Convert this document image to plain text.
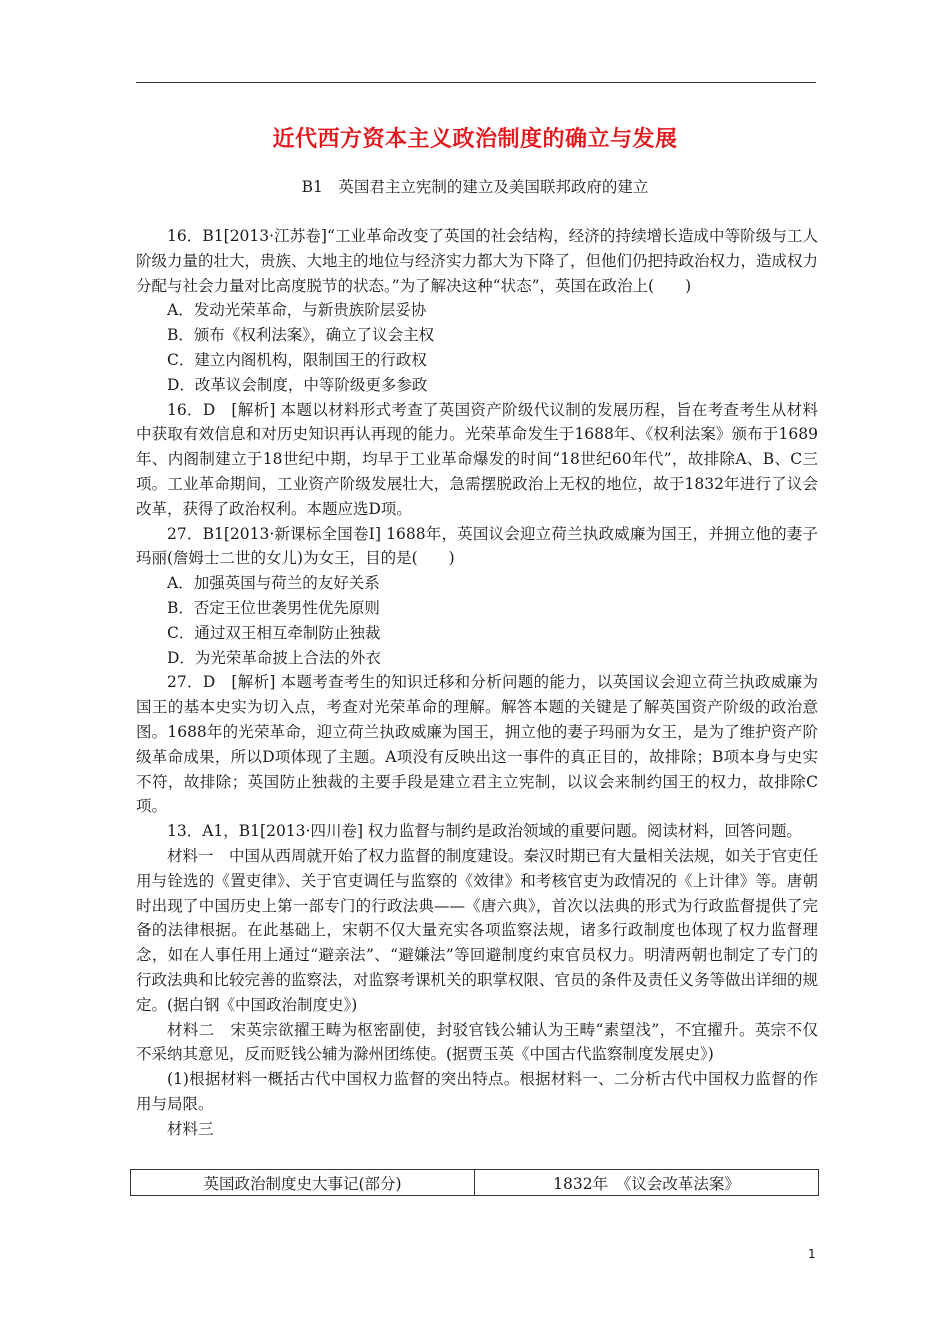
近代西方资本主义政治制度的确立与发展
B1　英国君主立宪制的建立及美国联邦政府的建立

16．B1[2013·江苏卷]“工业革命改变了英国的社会结构，经济的持续增长造成中等阶级与工人阶级力量的壮大，贵族、大地主的地位与经济实力都大为下降了，但他们仍把持政治权力，造成权力分配与社会力量对比高度脱节的状态。”为了解决这种“状态”，英国在政治上(　　)

A．发动光荣革命，与新贵族阶层妥协

B．颁布《权利法案》，确立了议会主权

C．建立内阁机构，限制国王的行政权

D．改革议会制度，中等阶级更多参政

16．D　[解析] 本题以材料形式考查了英国资产阶级代议制的发展历程，旨在考查考生从材料中获取有效信息和对历史知识再认再现的能力。光荣革命发生于1688年、《权利法案》颁布于1689年、内阁制建立于18世纪中期，均早于工业革命爆发的时间“18世纪60年代”，故排除A、B、C三项。工业革命期间，工业资产阶级发展壮大，急需摆脱政治上无权的地位，故于1832年进行了议会改革，获得了政治权利。本题应选D项。

27．B1[2013·新课标全国卷Ⅰ] 1688年，英国议会迎立荷兰执政威廉为国王，并拥立他的妻子玛丽(詹姆士二世的女儿)为女王，目的是(　　)

A．加强英国与荷兰的友好关系

B．否定王位世袭男性优先原则

C．通过双王相互牵制防止独裁

D．为光荣革命披上合法的外衣

27．D　[解析] 本题考查考生的知识迁移和分析问题的能力，以英国议会迎立荷兰执政威廉为国王的基本史实为切入点，考查对光荣革命的理解。解答本题的关键是了解英国资产阶级的政治意图。1688年的光荣革命，迎立荷兰执政威廉为国王，拥立他的妻子玛丽为女王，是为了维护资产阶级革命成果，所以D项体现了主题。A项没有反映出这一事件的真正目的，故排除；B项本身与史实不符，故排除；英国防止独裁的主要手段是建立君主立宪制，以议会来制约国王的权力，故排除C项。

13．A1，B1[2013·四川卷] 权力监督与制约是政治领域的重要问题。阅读材料，回答问题。

材料一　中国从西周就开始了权力监督的制度建设。秦汉时期已有大量相关法规，如关于官吏任用与铨选的《置吏律》、关于官吏调任与监察的《效律》和考核官吏为政情况的《上计律》等。唐朝时出现了中国历史上第一部专门的行政法典——《唐六典》，首次以法典的形式为行政监督提供了完备的法律根据。在此基础上，宋朝不仅大量充实各项监察法规，诸多行政制度也体现了权力监督理念，如在人事任用上通过“避亲法”、“避嫌法”等回避制度约束官员权力。明清两朝也制定了专门的行政法典和比较完善的监察法，对监察考课机关的职掌权限、官员的条件及责任义务等做出详细的规定。(据白钢《中国政治制度史》)

材料二　宋英宗欲擢王畴为枢密副使，封驳官钱公辅认为王畴“素望浅”，不宜擢升。英宗不仅不采纳其意见，反而贬钱公辅为滁州团练使。(据贾玉英《中国古代监察制度发展史》)

(1)根据材料一概括古代中国权力监督的突出特点。根据材料一、二分析古代中国权力监督的作用与局限。

材料三

英国政治制度史大事记(部分)	1832年　 《议会改革法案》
1
